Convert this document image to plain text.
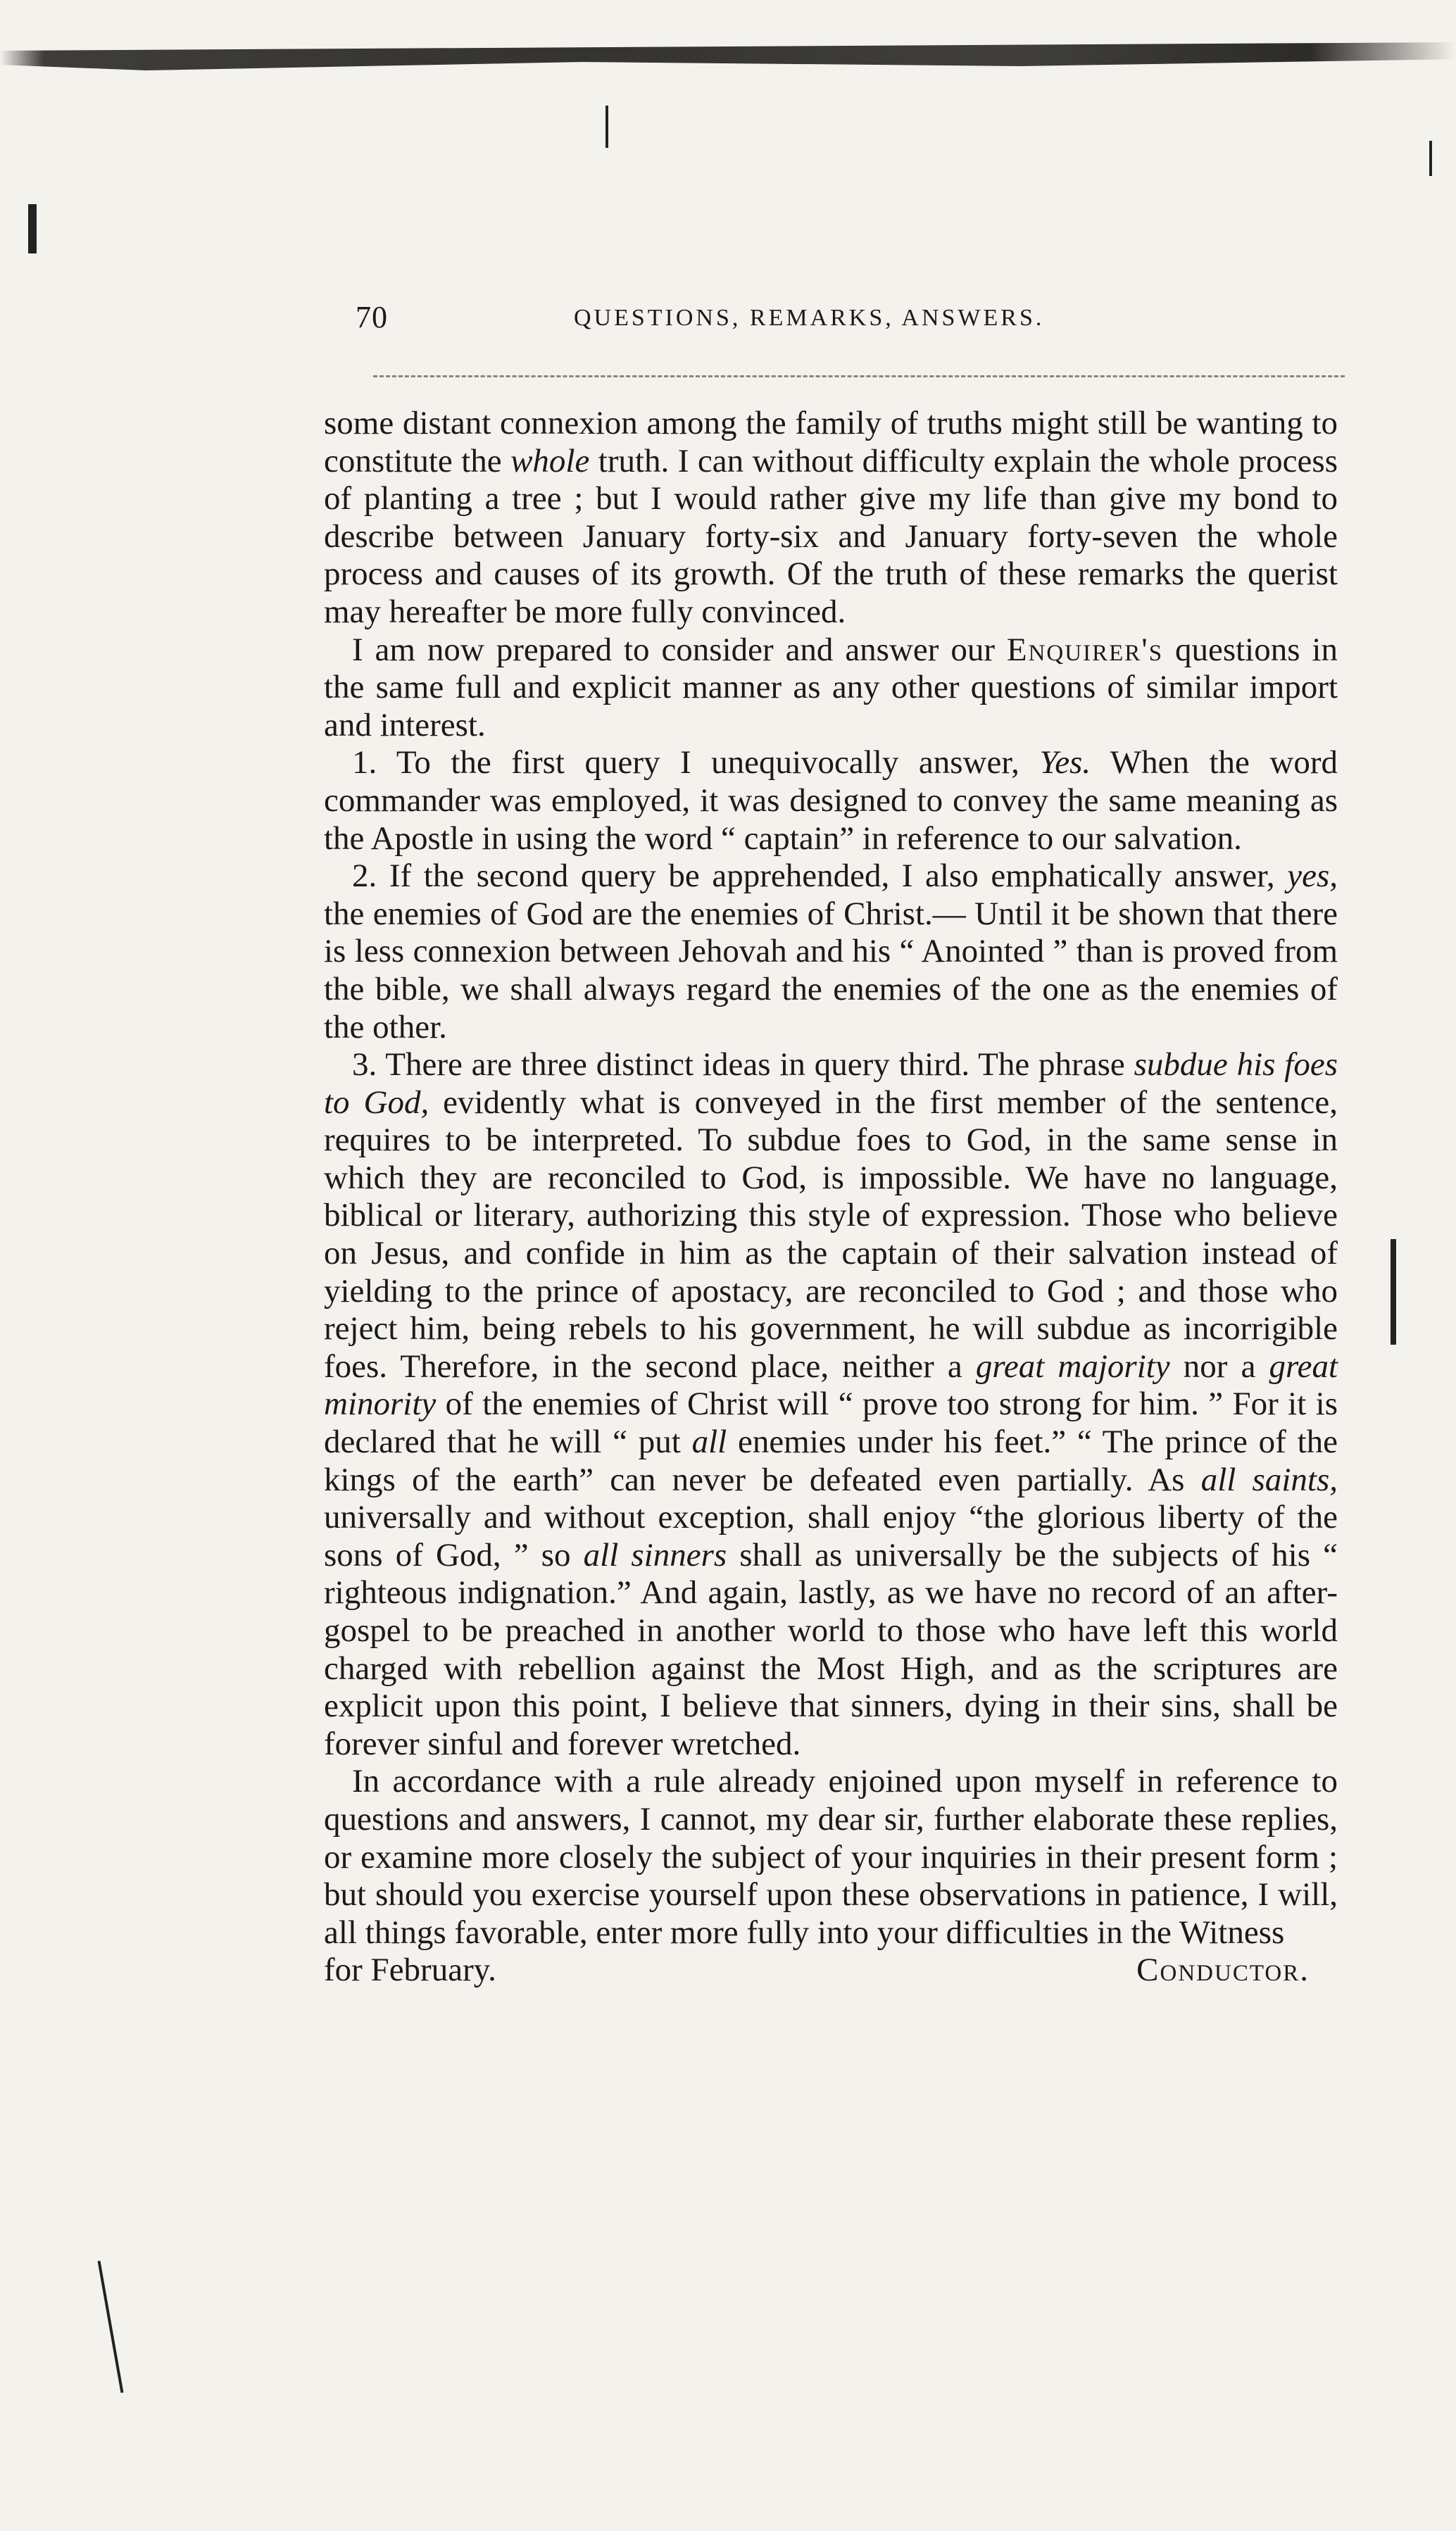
70	QUESTIONS, REMARKS, ANSWERS.

some distant connexion among the family of truths might still be wanting to constitute the whole truth. I can without difficulty explain the whole process of planting a tree ; but I would rather give my life than give my bond to describe between January forty-six and January forty-seven the whole process and causes of its growth. Of the truth of these remarks the querist may hereafter be more fully convinced.

I am now prepared to consider and answer our Enquirer's questions in the same full and explicit manner as any other questions of similar import and interest.

1. To the first query I unequivocally answer, Yes. When the word commander was employed, it was designed to convey the same meaning as the Apostle in using the word “ captain” in reference to our salvation.

2. If the second query be apprehended, I also emphatically answer, yes, the enemies of God are the enemies of Christ.— Until it be shown that there is less connexion between Jehovah and his “ Anointed ” than is proved from the bible, we shall always regard the enemies of the one as the enemies of the other.

3. There are three distinct ideas in query third. The phrase subdue his foes to God, evidently what is conveyed in the first member of the sentence, requires to be interpreted. To subdue foes to God, in the same sense in which they are reconciled to God, is impossible. We have no language, biblical or literary, authorizing this style of expression. Those who believe on Jesus, and confide in him as the captain of their salvation instead of yielding to the prince of apostacy, are reconciled to God ; and those who reject him, being rebels to his government, he will subdue as incorrigible foes. Therefore, in the second place, neither a great majority nor a great minority of the enemies of Christ will “ prove too strong for him. ” For it is declared that he will “ put all enemies under his feet.” “ The prince of the kings of the earth” can never be defeated even partially. As all saints, universally and without exception, shall enjoy “the glorious liberty of the sons of God, ” so all sinners shall as universally be the subjects of his “ righteous indignation.” And again, lastly, as we have no record of an after-gospel to be preached in another world to those who have left this world charged with rebellion against the Most High, and as the scriptures are explicit upon this point, I believe that sinners, dying in their sins, shall be forever sinful and forever wretched.

In accordance with a rule already enjoined upon myself in reference to questions and answers, I cannot, my dear sir, further elaborate these replies, or examine more closely the subject of your inquiries in their present form ; but should you exercise yourself upon these observations in patience, I will, all things favorable, enter more fully into your difficulties in the Witness

for February.	Conductor.
